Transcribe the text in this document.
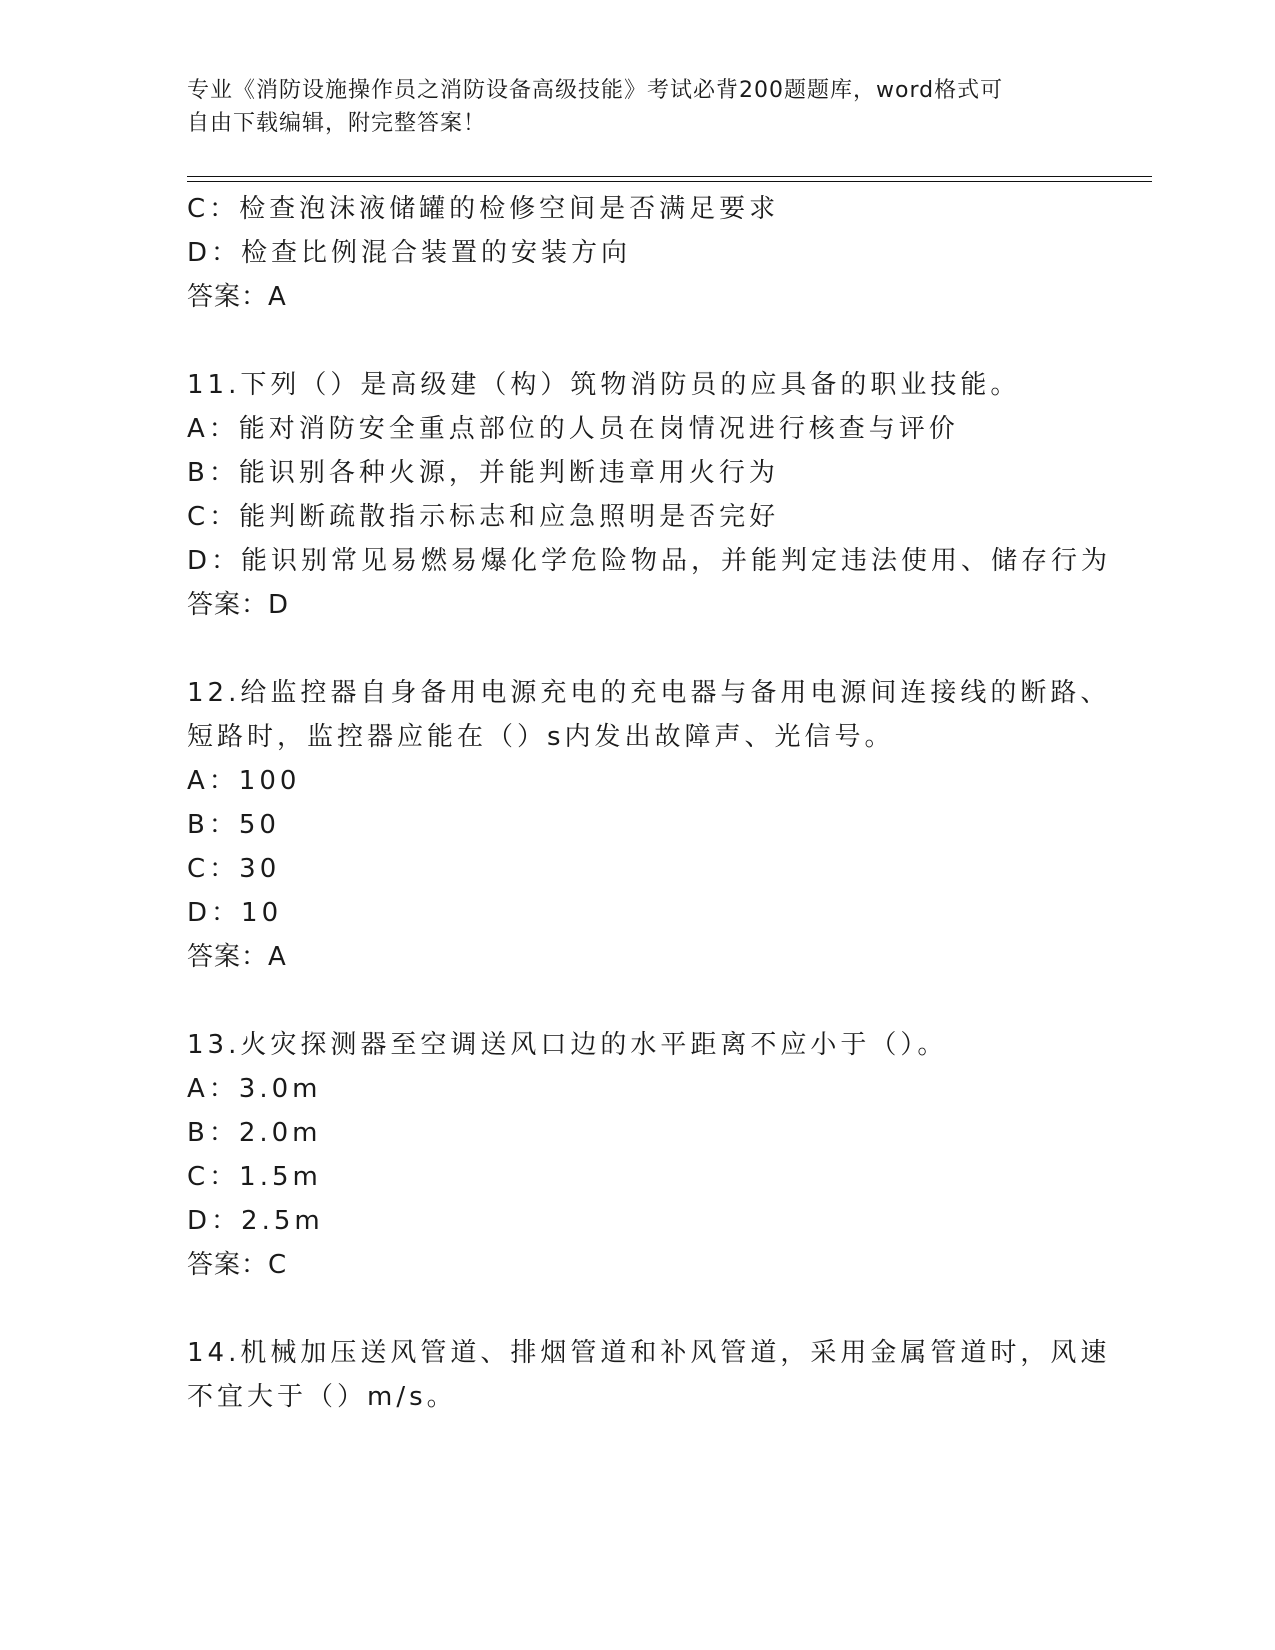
专业《消防设施操作员之消防设备高级技能》考试必背200题题库，word格式可
自由下载编辑，附完整答案！
C：检查泡沫液储罐的检修空间是否满足要求
D：检查比例混合装置的安装方向
答案：A
11.下列（）是高级建（构）筑物消防员的应具备的职业技能。
A：能对消防安全重点部位的人员在岗情况进行核查与评价
B：能识别各种火源，并能判断违章用火行为
C：能判断疏散指示标志和应急照明是否完好
D：能识别常见易燃易爆化学危险物品，并能判定违法使用、储存行为
答案：D
12.给监控器自身备用电源充电的充电器与备用电源间连接线的断路、
短路时，监控器应能在（）s内发出故障声、光信号。
A：100
B：50
C：30
D：10
答案：A
13.火灾探测器至空调送风口边的水平距离不应小于（）。
A：3.0m
B：2.0m
C：1.5m
D：2.5m
答案：C
14.机械加压送风管道、排烟管道和补风管道，采用金属管道时，风速
不宜大于（）m/s。
